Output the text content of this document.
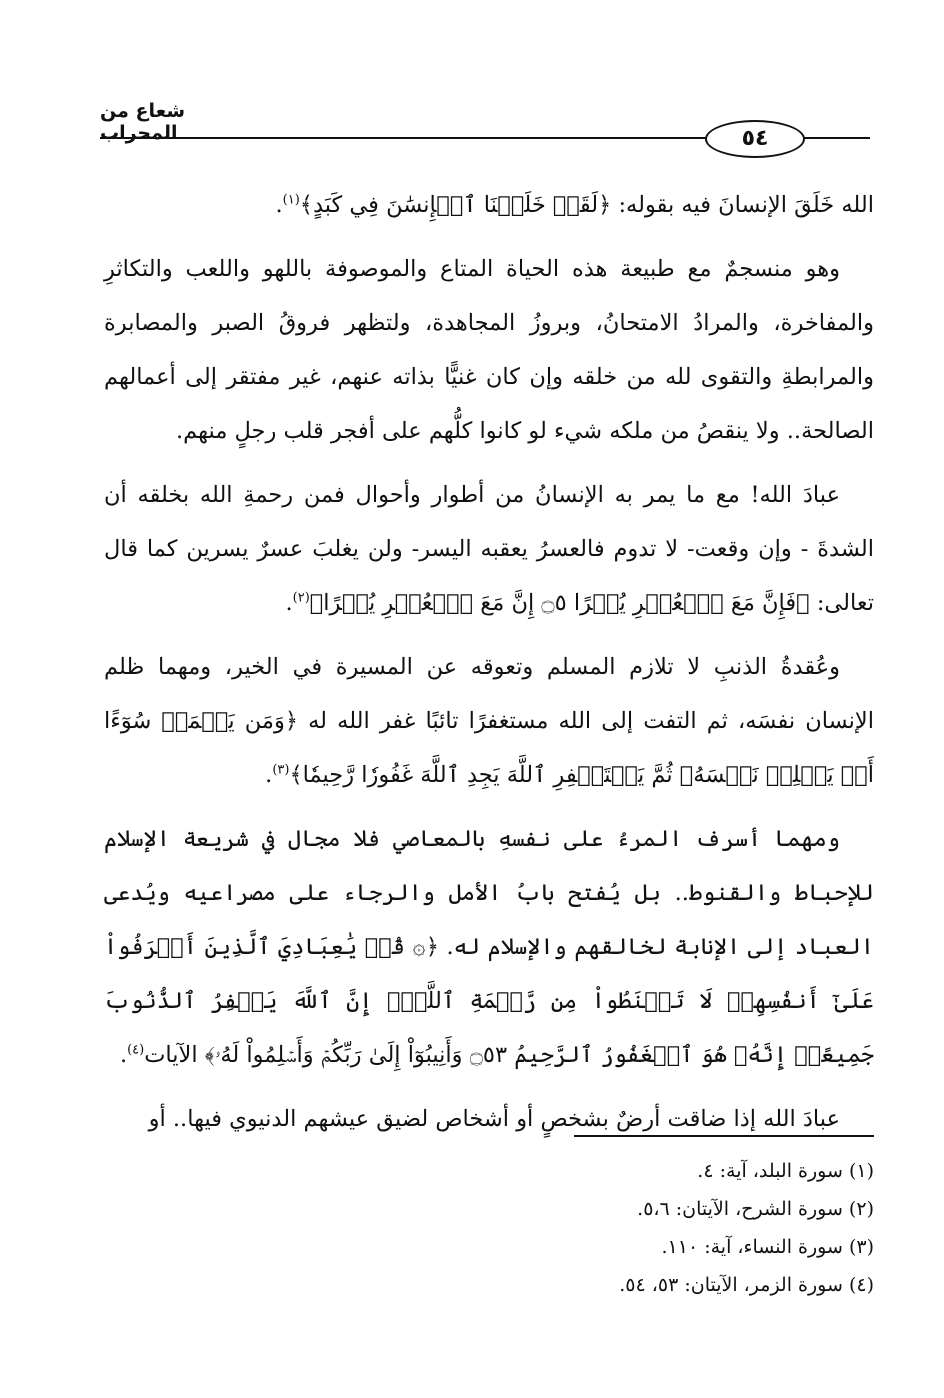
شعاع من المحراب	٥٤

الله خَلَقَ الإنسانَ فيه بقوله: ﴿لَقَدۡ خَلَقۡنَا ٱلۡإِنسَٰنَ فِي كَبَدٍ﴾$^{(١)}$.

وهو منسجمٌ مع طبيعة هذه الحياة المتاع والموصوفة باللهو واللعب والتكاثرِ والمفاخرة، والمرادُ الامتحانُ، وبروزُ المجاهدة، ولتظهر فروقُ الصبر والمصابرة والمرابطةِ والتقوى لله من خلقه وإن كان غنيًّا بذاته عنهم، غير مفتقر إلى أعمالهم الصالحة.. ولا ينقصُ من ملكه شيء لو كانوا كلُّهم على أفجر قلب رجلٍ منهم.

عبادَ الله! مع ما يمر به الإنسانُ من أطوار وأحوال فمن رحمةِ الله بخلقه أن الشدةَ - وإن وقعت- لا تدوم فالعسرُ يعقبه اليسر- ولن يغلبَ عسرٌ يسرين كما قال تعالى: ﴿فَإِنَّ مَعَ ٱلۡعُسۡرِ يُسۡرًا ۝٥ إِنَّ مَعَ ٱلۡعُسۡرِ يُسۡرًا﴾$^{(٢)}$.

وعُقدةُ الذنبِ لا تلازم المسلم وتعوقه عن المسيرة في الخير، ومهما ظلم الإنسان نفسَه، ثم التفت إلى الله مستغفرًا تائبًا غفر الله له ﴿وَمَن يَعۡمَلۡ سُوٓءًا أَوۡ يَظۡلِمۡ نَفۡسَهُۥ ثُمَّ يَسۡتَغۡفِرِ ٱللَّهَ يَجِدِ ٱللَّهَ غَفُورٗا رَّحِيمٗا﴾$^{(٣)}$.

ومهما أسرف المرءُ على نفسهِ بالمعاصي فلا مجال في شريعة الإسلام للإحباط والقنوط.. بل يُفتح بابُ الأمل والرجاء على مصراعيه ويُدعى العباد إلى الإنابة لخالقهم والإسلام له. ﴿۞ قُلۡ يَٰعِبَادِيَ ٱلَّذِينَ أَسۡرَفُواْ عَلَىٰٓ أَنفُسِهِمۡ لَا تَقۡنَطُواْ مِن رَّحۡمَةِ ٱللَّهِۚ إِنَّ ٱللَّهَ يَغۡفِرُ ٱلذُّنُوبَ جَمِيعًاۚ إِنَّهُۥ هُوَ ٱلۡغَفُورُ ٱلرَّحِيمُ ۝٥٣ وَأَنِيبُوٓاْ إِلَىٰ رَبِّكُمۡ وَأَسۡلِمُواْ لَهُۥ﴾ الآيات$^{(٤)}$.

عبادَ الله إذا ضاقت أرضٌ بشخصٍ أو أشخاص لضيق عيشهم الدنيوي فيها.. أو

(١) سورة البلد، آية: ٤.
(٢) سورة الشرح، الآيتان: ٥،٦.
(٣) سورة النساء، آية: ١١٠.
(٤) سورة الزمر، الآيتان: ٥٣، ٥٤.
